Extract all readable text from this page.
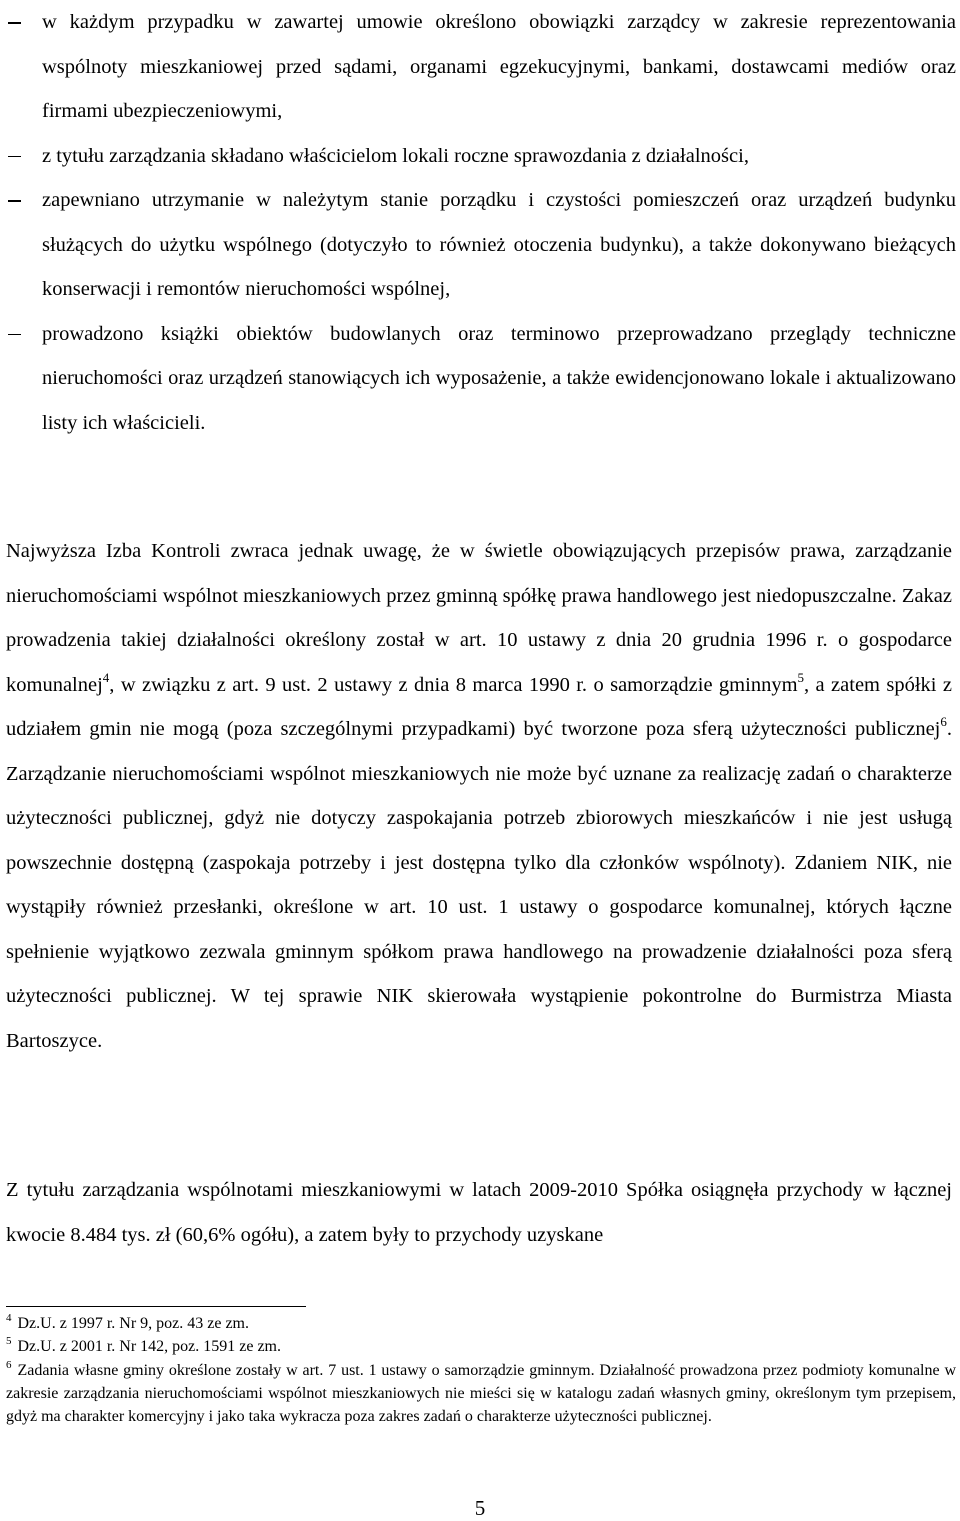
w każdym przypadku w zawartej umowie określono obowiązki zarządcy w zakresie reprezentowania wspólnoty mieszkaniowej przed sądami, organami egzekucyjnymi, bankami, dostawcami mediów oraz firmami ubezpieczeniowymi,
z tytułu zarządzania składano właścicielom lokali roczne sprawozdania z działalności,
zapewniano utrzymanie w należytym stanie porządku i czystości pomieszczeń oraz urządzeń budynku służących do użytku wspólnego (dotyczyło to również otoczenia budynku), a także dokonywano bieżących konserwacji i remontów nieruchomości wspólnej,
prowadzono książki obiektów budowlanych oraz terminowo przeprowadzano przeglądy techniczne nieruchomości oraz urządzeń stanowiących ich wyposażenie, a także ewidencjonowano lokale i aktualizowano listy ich właścicieli.

Najwyższa Izba Kontroli zwraca jednak uwagę, że w świetle obowiązujących przepisów prawa, zarządzanie nieruchomościami wspólnot mieszkaniowych przez gminną spółkę prawa handlowego jest niedopuszczalne. Zakaz prowadzenia takiej działalności określony został w art. 10 ustawy z dnia 20 grudnia 1996 r. o gospodarce komunalnej$^4$, w związku z art. 9 ust. 2 ustawy z dnia 8 marca 1990 r. o samorządzie gminnym$^5$, a zatem spółki z udziałem gmin nie mogą (poza szczególnymi przypadkami) być tworzone poza sferą użyteczności publicznej$^6$. Zarządzanie nieruchomościami wspólnot mieszkaniowych nie może być uznane za realizację zadań o charakterze użyteczności publicznej, gdyż nie dotyczy zaspokajania potrzeb zbiorowych mieszkańców i nie jest usługą powszechnie dostępną (zaspokaja potrzeby i jest dostępna tylko dla członków wspólnoty). Zdaniem NIK, nie wystąpiły również przesłanki, określone w art. 10 ust. 1 ustawy o gospodarce komunalnej, których łączne spełnienie wyjątkowo zezwala gminnym spółkom prawa handlowego na prowadzenie działalności poza sferą użyteczności publicznej. W tej sprawie NIK skierowała wystąpienie pokontrolne do Burmistrza Miasta Bartoszyce.

Z tytułu zarządzania wspólnotami mieszkaniowymi w latach 2009-2010 Spółka osiągnęła przychody w łącznej kwocie 8.484 tys. zł (60,6% ogółu), a zatem były to przychody uzyskane

$^4$ Dz.U. z 1997 r. Nr 9, poz. 43 ze zm.
$^5$ Dz.U. z 2001 r. Nr 142, poz. 1591 ze zm.
$^6$ Zadania własne gminy określone zostały w art. 7 ust. 1 ustawy o samorządzie gminnym. Działalność prowadzona przez podmioty komunalne w zakresie zarządzania nieruchomościami wspólnot mieszkaniowych nie mieści się w katalogu zadań własnych gminy, określonym tym przepisem, gdyż ma charakter komercyjny i jako taka wykracza poza zakres zadań o charakterze użyteczności publicznej.
5
